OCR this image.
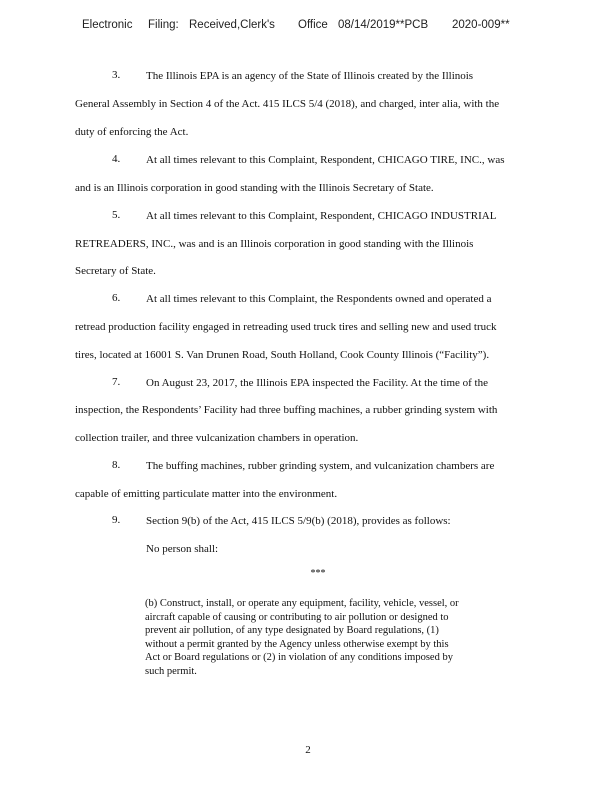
Electronic Filing: Received,Clerk's Office 08/14/2019**PCB 2020-009**
3. The Illinois EPA is an agency of the State of Illinois created by the Illinois
General Assembly in Section 4 of the Act. 415 ILCS 5/4 (2018), and charged, inter alia, with the
duty of enforcing the Act.
4. At all times relevant to this Complaint, Respondent, CHICAGO TIRE, INC., was
and is an Illinois corporation in good standing with the Illinois Secretary of State.
5. At all times relevant to this Complaint, Respondent, CHICAGO INDUSTRIAL
RETREADERS, INC., was and is an Illinois corporation in good standing with the Illinois
Secretary of State.
6. At all times relevant to this Complaint, the Respondents owned and operated a
retread production facility engaged in retreading used truck tires and selling new and used truck
tires, located at 16001 S. Van Drunen Road, South Holland, Cook County Illinois (“Facility”).
7. On August 23, 2017, the Illinois EPA inspected the Facility. At the time of the
inspection, the Respondents’ Facility had three buffing machines, a rubber grinding system with
collection trailer, and three vulcanization chambers in operation.
8. The buffing machines, rubber grinding system, and vulcanization chambers are
capable of emitting particulate matter into the environment.
9. Section 9(b) of the Act, 415 ILCS 5/9(b) (2018), provides as follows:
No person shall:
***
(b) Construct, install, or operate any equipment, facility, vehicle, vessel, or
aircraft capable of causing or contributing to air pollution or designed to
prevent air pollution, of any type designated by Board regulations, (1)
without a permit granted by the Agency unless otherwise exempt by this
Act or Board regulations or (2) in violation of any conditions imposed by
such permit.
2
